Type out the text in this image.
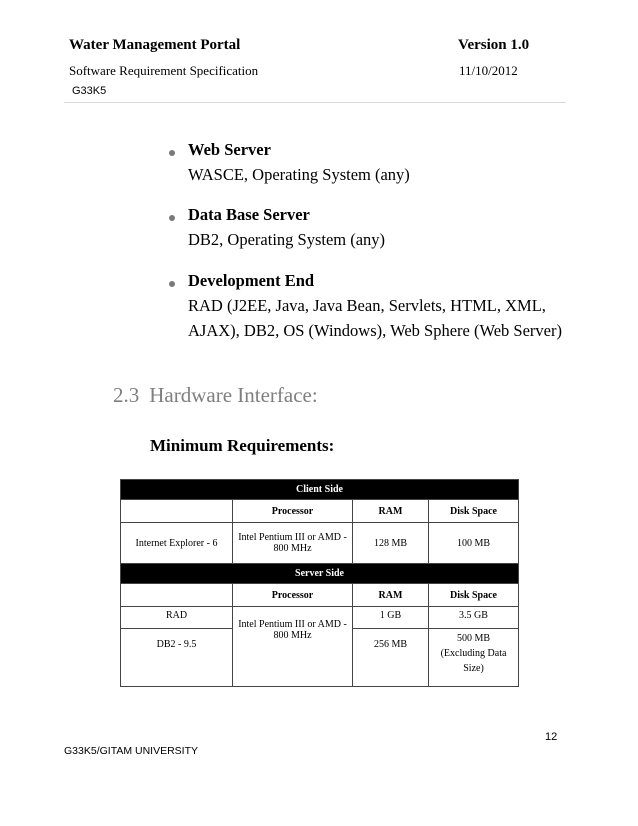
Water Management Portal	Version 1.0
Software Requirement Specification	11/10/2012
G33K5
Web Server
WASCE, Operating System (any)
Data Base Server
DB2, Operating System (any)
Development End
RAD (J2EE, Java, Java Bean, Servlets, HTML, XML, AJAX), DB2, OS (Windows), Web Sphere (Web Server)
2.3 Hardware Interface:
Minimum Requirements:
Client Side			
	Processor	RAM	Disk Space
Internet Explorer - 6	Intel Pentium III or AMD - 800 MHz	128 MB	100 MB
Server Side			
	Processor	RAM	Disk Space
RAD	Intel Pentium III or AMD - 800 MHz	1 GB	3.5 GB
DB2 - 9.5		256 MB	500 MB
(Excluding Data Size)
12
G33K5/GITAM UNIVERSITY
